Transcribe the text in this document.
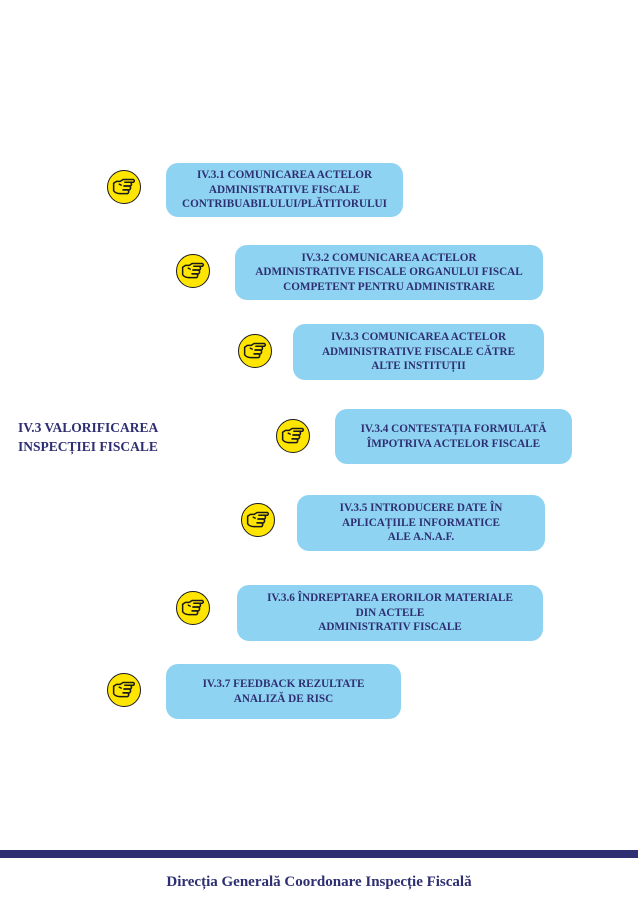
IV.3 VALORIFICAREA
INSPECȚIEI FISCALE
IV.3.1 COMUNICAREA ACTELOR
ADMINISTRATIVE FISCALE
CONTRIBUABILULUI/PLĂTITORULUI
IV.3.2 COMUNICAREA ACTELOR
ADMINISTRATIVE FISCALE ORGANULUI FISCAL
COMPETENT PENTRU ADMINISTRARE
IV.3.3 COMUNICAREA ACTELOR
ADMINISTRATIVE FISCALE CĂTRE
ALTE INSTITUȚII
IV.3.4 CONTESTAȚIA FORMULATĂ
ÎMPOTRIVA ACTELOR FISCALE
IV.3.5 INTRODUCERE DATE ÎN
APLICAȚIILE INFORMATICE
ALE A.N.A.F.
IV.3.6 ÎNDREPTAREA ERORILOR MATERIALE
DIN ACTELE
ADMINISTRATIV FISCALE
IV.3.7 FEEDBACK REZULTATE
ANALIZĂ DE RISC
Direcția Generală Coordonare Inspecție Fiscală
